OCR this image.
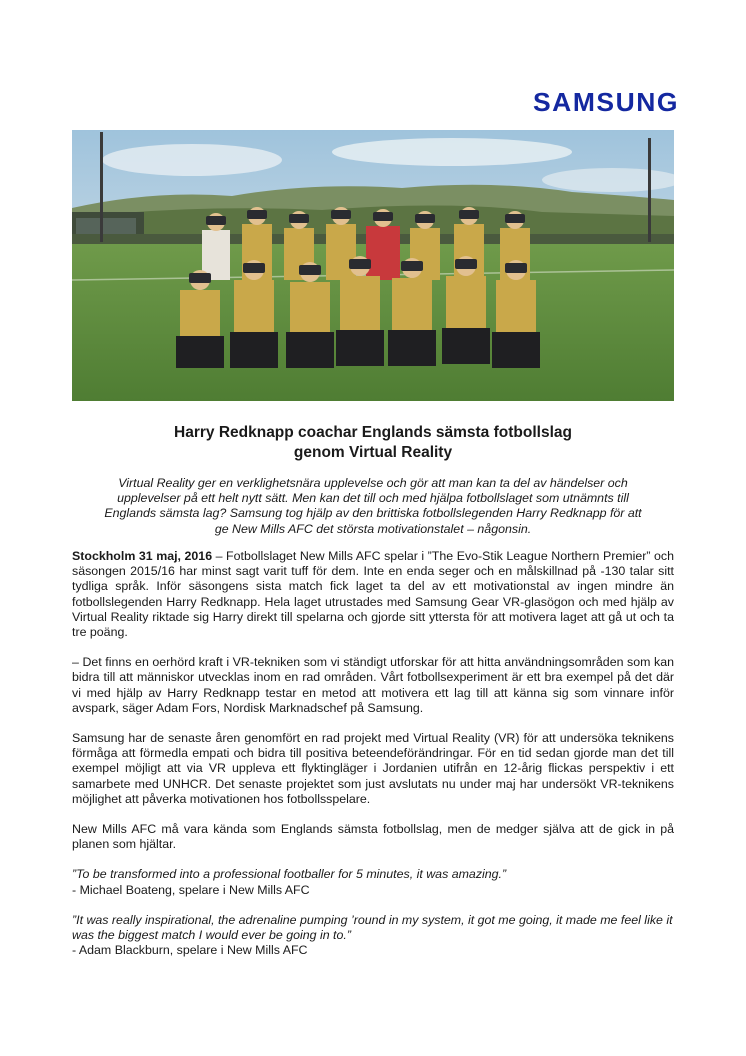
SAMSUNG
Harry Redknapp coachar Englands sämsta fotbollslag
genom Virtual Reality
Virtual Reality ger en verklighetsnära upplevelse och gör att man kan ta del av händelser och
upplevelser på ett helt nytt sätt. Men kan det till och med hjälpa fotbollslaget som utnämnts till
Englands sämsta lag? Samsung tog hjälp av den brittiska fotbollslegenden Harry Redknapp för att
ge New Mills AFC det största motivationstalet – någonsin.

Stockholm 31 maj, 2016 – Fotbollslaget New Mills AFC spelar i ”The Evo-Stik League Northern Premier” och säsongen 2015/16 har minst sagt varit tuff för dem. Inte en enda seger och en målskillnad på -130 talar sitt tydliga språk. Inför säsongens sista match fick laget ta del av ett motivationstal av ingen mindre än fotbollslegenden Harry Redknapp. Hela laget utrustades med Samsung Gear VR-glasögon och med hjälp av Virtual Reality riktade sig Harry direkt till spelarna och gjorde sitt yttersta för att motivera laget att gå ut och ta tre poäng.

– Det finns en oerhörd kraft i VR-tekniken som vi ständigt utforskar för att hitta användningsområden som kan bidra till att människor utvecklas inom en rad områden. Vårt fotbollsexperiment är ett bra exempel på det där vi med hjälp av Harry Redknapp testar en metod att motivera ett lag till att känna sig som vinnare inför avspark, säger Adam Fors, Nordisk Marknadschef på Samsung.

Samsung har de senaste åren genomfört en rad projekt med Virtual Reality (VR) för att undersöka teknikens förmåga att förmedla empati och bidra till positiva beteendeförändringar. För en tid sedan gjorde man det till exempel möjligt att via VR uppleva ett flyktingläger i Jordanien utifrån en 12-årig flickas perspektiv i ett samarbete med UNHCR. Det senaste projektet som just avslutats nu under maj har undersökt VR-teknikens möjlighet att påverka motivationen hos fotbollsspelare.

New Mills AFC må vara kända som Englands sämsta fotbollslag, men de medger själva att de gick in på planen som hjältar.

”To be transformed into a professional footballer for 5 minutes, it was amazing.”
- Michael Boateng, spelare i New Mills AFC

”It was really inspirational, the adrenaline pumping ’round in my system, it got me going, it made me feel like it was the biggest match I would ever be going in to.”
- Adam Blackburn, spelare i New Mills AFC
